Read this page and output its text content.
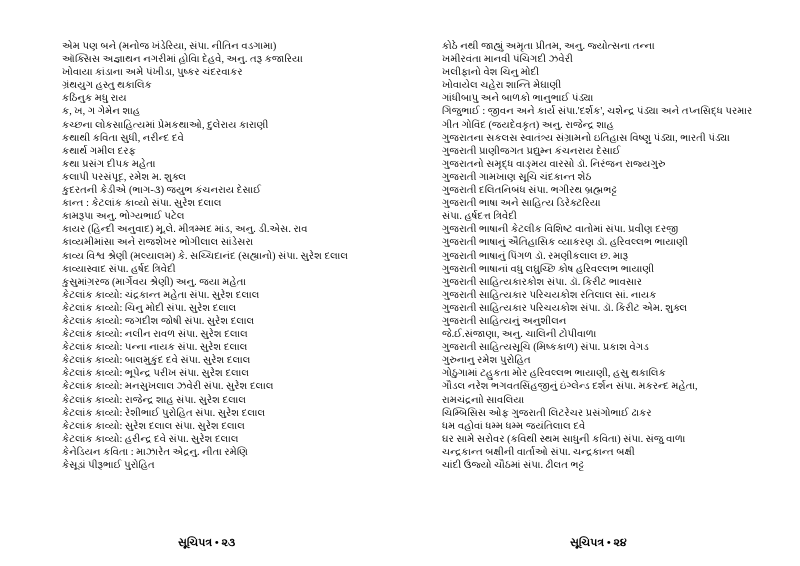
એમ પણ બને (મનોજ ખંડેરિયા, સંપા. નીતિન વડગામા)
ઑક્સિસ અજ્ઞાથન નગરીમાં હોવિ઼ા દેહવે, અનુ. તરૂ કજારિયા
ખોવાયા કાંડાના અમે પંખીડા, પુષ્કર ચંદરવાકર
ગ્રંથયુગ હસ્તુ થકાલિક
કઠિનુક મધુ રાય
ક, ખ, ગ ગેમેન શાહ
કચ્છના લોકસાહિત્યમાં પ્રેમકથાઓ, દુલેરાય કારાણી
કથાથી કવિતા સુધી, નરીન્દ દવે
કથાર્થ ગમીલ દરફ
કથા પ્રસંગ દીપક મહેતા
કલાપી પરસંપૂદ, રમેશ મ. શુક્લ
કુદરતની કેડીએ (ભાગ-૩) જયુભ કંચનરાય દેસાઈ
કાન્ત : કેટલાંક કાવ્યો સંપા. સુરેશ દલાલ
કામરૂપા અનુ. ભોગ્યભાઈ પટેલ
કાયર (હિન્દી અનુવાદ) મૂ.લે. મીત્રમ્મદ માંડ, અનુ. ડી.એસ. રાવ
કાવ્યમીમાંસા અને રાજશેખર ભોગીલાલ સાંડેસરા
કાવ્ય વિશ્વ શ્રેણી (મલ્યાલમ) કે. સચ્ચિદાનંદ (સહ્યાનો) સંપા. સુરેશ દલાલ
કાવ્યાસ્વાદ સંપા. હર્ષદ ત્રિવેદી
કુસુમાંગ઼રજ (માર્ગેવય શ્રેણી) અનુ. જયા મહેતા
કેટલાંક કાવ્યો: ચંદ્રકાન્ત મહેતા સંપા. સુરેશ દલાલ
કેટલાંક કાવ્યો: ચિનુ મોદી સંપા. સુરેશ દલાલ
કેટલાંક કાવ્યો: જગદીશ જોષી સંપા. સુરેશ દલાલ
કેટલાંક કાવ્યો: નલીન રાવળ સંપા. સુરેશ દલાલ
કેટલાંક કાવ્યો: પન્ના નાયક સંપા. સુરેશ દલાલ
કેટલાંક કાવ્યો: બાલમુકુંદ દવે સંપા. સુરેશ દલાલ
કેટલાંક કાવ્યો: ભૂપેન્દ્ર પરીખ સંપા. સુરેશ દલાલ
કેટલાંક કાવ્યો: મનસુખલાલ ઝવેરી સંપા. સુરેશ દલાલ
કેટલાંક કાવ્યો: રાજેન્દ્ર શાહ સંપા. સુરેશ દલાલ
કેટલાંક કાવ્યો: રેશીભાઈ પુરોહિત સંપા. સુરેશ દલાલ
કેટલાંક કાવ્યો: સુરેશ દલાલ સંપા. સુરેશ દલાલ
કેટલાંક કાવ્યો: હરીન્દ્ર દવે સંપા. સુરેશ દલાલ
કેનેડિયન કવિતા : માઝારેત એદ્રનુ. નીતા રમેણિ
કેસૂડાં પીરૂભાઈ પુરોહિત
કોઠે નથી જાહ્યું અમૃતા પ્રીતમ, અનુ. જ્યોત્સના તન્ના
ખમીરવંતા માનવી પંચિગદી ઝવેરી
ખલીફાનો વેશ ચિનુ મોદી
ખોવાયેલ ચહેરા શાન્તિ મેઘાણી
ગાંધીબાપુ અને બાળકો ભાનુભાઈ પંડ્યા
ગિજુભાઈ : જીવન અને કાર્ય સંપા.'દર્શક', ચશેન્દ્ર પંડ્યા અને તપ્નસિદ્ધ પરમાર
ગીત ગોવિંદ (જયદેવકૃત) અનુ. રાજેન્દ્ર શાહ
ગુજરાતના સકલસ સ્વાતંત્ર્ય સંગ્રામનો ઇતિહાસ વિષ્ણુ પંડ્યા, ભારતી પંડ્યા
ગુજરાતી પ્રાણીજગત પ્રદ્યુમ્ન કંચનરાય દેસાઈ
ગુજરાતનો સમૃદ્ધ વાઙ્મય વારસો ડૉ. નિરંજન રાજ્યગુરુ
ગુજરાતી ગામખાણ સૂચિ ચંદકાન્ત શેઠ
ગુજરાતી દલિતનિબંધ સંપા. ભગીરથ બ્રહ્મભટ્ટ
ગુજરાતી ભાષા અને સાહિત્ય ડિરેક્ટરિયા
સંપા. હર્ષદત્ત ત્રિવેદી
ગુજરાતી ભાષાની કેટલીક વિશિષ્ટ વાતોમાં સંપા. પ્રવીણ દરજી
ગુજરાતી ભાષાનું ઐતિહાસિક વ્યાકરણ ડૉ. હરિવલ્લભ ભાયાણી
ગુજરાતી ભાષાનું પિંગળ ડૉ. રમણીકલાલ છ. મારૂ
ગુજરાતી ભાષાનાં વધુ લઘુચ્છિ કોષ હરિવલ્લભ ભાયાણી
ગુજરાતી સાહિત્યકારકોશ સંપા. ડૉ. કિરીટ ભાવસાર
ગુજરાતી સાહિત્યકાર પરિચયકોશ રતિલાલ સાં. નાયક
ગુજરાતી સાહિત્યકાર પરિચયકોશ સંપા. ડૉ. કિરીટ એમ. શુક્લ
ગુજરાતી સાહિત્યનું અનુશીલન
જે.ઈ.સંજાણા, અનુ. ચાલિની ટોપીવાળા
ગુજરાતી સાહિત્યસૂચિ (મિષ્કકાળ) સંપા. પ્રકાશ વેગડ
ગુરુનાનુ રમેશ પુરોહિત
ગોઠુગામાં ટહુકતા મોર હરિવલ્લભ ભાયાણી, હસુ થકાલિક
ગૌડલ નરેશ ભગવતસિંહજીનું ઇંગ્લેન્ડ દર્શન સંપા. મકરન્દ મહેતા,
રામચંદ્રનાો સાવલિયા
ચિમ્બિસિસ ઓફ ગુજરાતી લિટરેચર પ્રસંગોભાઈ ઢાકર
ધમ વહોવાં ધમ્મ ધમ્મ જયંતિલાલ દવે
ઘર સામે સરોવર (કવિથી સ્થમ સાધુની કવિતા) સંપા. સંજુ વાળા
ચન્દ્રકાન્ત બક્ષીની વાર્તાઓ સંપા. ચન્દ્રકાન્ત બક્ષી
ચાંદી ઉજ્યો ચૌઠમાં સંપા. ઢીલત ભટ્ટ
સૂચિપત્ર • ૨૩	સૂચિપત્ર • ૨૪
